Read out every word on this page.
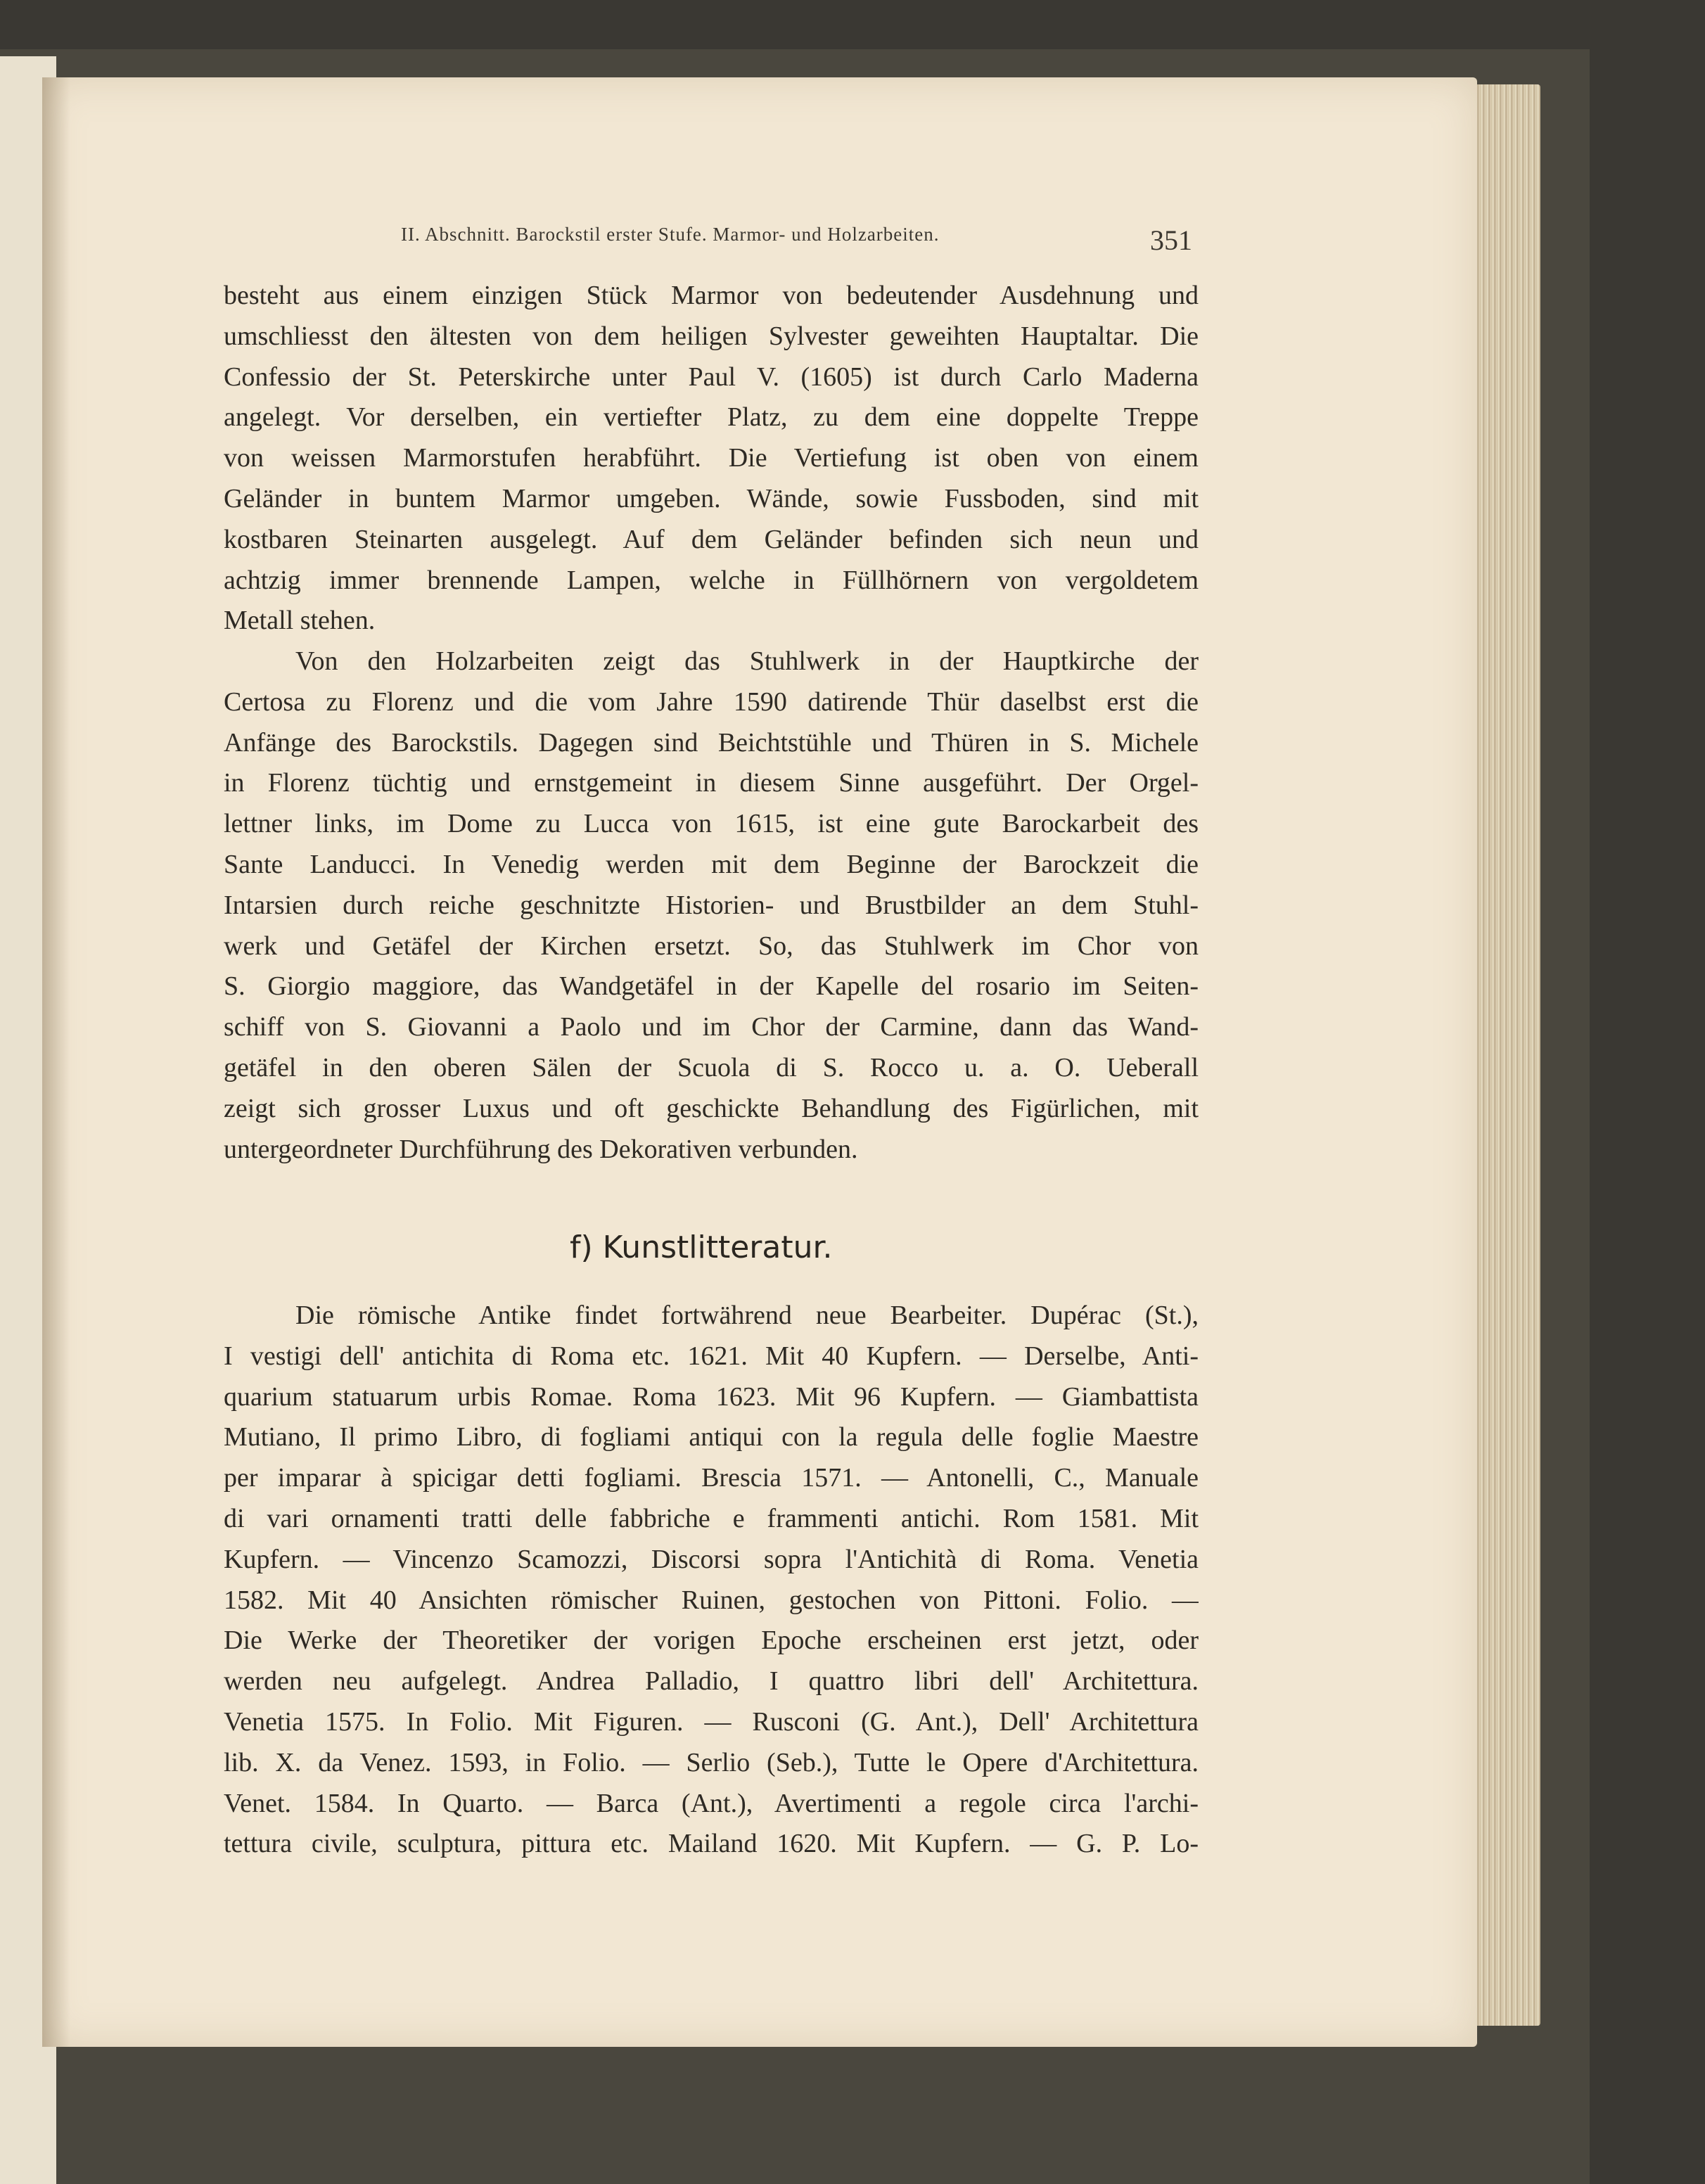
II. Abschnitt. Barockstil erster Stufe. Marmor- und Holzarbeiten.	351
besteht aus einem einzigen Stück Marmor von bedeutender Ausdehnung und
umschliesst den ältesten von dem heiligen Sylvester geweihten Hauptaltar. Die
Confessio der St. Peterskirche unter Paul V. (1605) ist durch Carlo Maderna
angelegt. Vor derselben, ein vertiefter Platz, zu dem eine doppelte Treppe
von weissen Marmorstufen herabführt. Die Vertiefung ist oben von einem
Geländer in buntem Marmor umgeben. Wände, sowie Fussboden, sind mit
kostbaren Steinarten ausgelegt. Auf dem Geländer befinden sich neun und
achtzig immer brennende Lampen, welche in Füllhörnern von vergoldetem
Metall stehen.
Von den Holzarbeiten zeigt das Stuhlwerk in der Hauptkirche der
Certosa zu Florenz und die vom Jahre 1590 datirende Thür daselbst erst die
Anfänge des Barockstils. Dagegen sind Beichtstühle und Thüren in S. Michele
in Florenz tüchtig und ernstgemeint in diesem Sinne ausgeführt. Der Orgel-
lettner links, im Dome zu Lucca von 1615, ist eine gute Barockarbeit des
Sante Landucci. In Venedig werden mit dem Beginne der Barockzeit die
Intarsien durch reiche geschnitzte Historien- und Brustbilder an dem Stuhl-
werk und Getäfel der Kirchen ersetzt. So, das Stuhlwerk im Chor von
S. Giorgio maggiore, das Wandgetäfel in der Kapelle del rosario im Seiten-
schiff von S. Giovanni a Paolo und im Chor der Carmine, dann das Wand-
getäfel in den oberen Sälen der Scuola di S. Rocco u. a. O. Ueberall
zeigt sich grosser Luxus und oft geschickte Behandlung des Figürlichen, mit
untergeordneter Durchführung des Dekorativen verbunden.
f) Kunstlitteratur.
Die römische Antike findet fortwährend neue Bearbeiter. Dupérac (St.),
I vestigi dell' antichita di Roma etc. 1621. Mit 40 Kupfern. — Derselbe, Anti-
quarium statuarum urbis Romae. Roma 1623. Mit 96 Kupfern. — Giambattista
Mutiano, Il primo Libro, di fogliami antiqui con la regula delle foglie Maestre
per imparar à spicigar detti fogliami. Brescia 1571. — Antonelli, C., Manuale
di vari ornamenti tratti delle fabbriche e frammenti antichi. Rom 1581. Mit
Kupfern. — Vincenzo Scamozzi, Discorsi sopra l'Antichità di Roma. Venetia
1582. Mit 40 Ansichten römischer Ruinen, gestochen von Pittoni. Folio. —
Die Werke der Theoretiker der vorigen Epoche erscheinen erst jetzt, oder
werden neu aufgelegt. Andrea Palladio, I quattro libri dell' Architettura.
Venetia 1575. In Folio. Mit Figuren. — Rusconi (G. Ant.), Dell' Architettura
lib. X. da Venez. 1593, in Folio. — Serlio (Seb.), Tutte le Opere d'Architettura.
Venet. 1584. In Quarto. — Barca (Ant.), Avertimenti a regole circa l'archi-
tettura civile, sculptura, pittura etc. Mailand 1620. Mit Kupfern. — G. P. Lo-
